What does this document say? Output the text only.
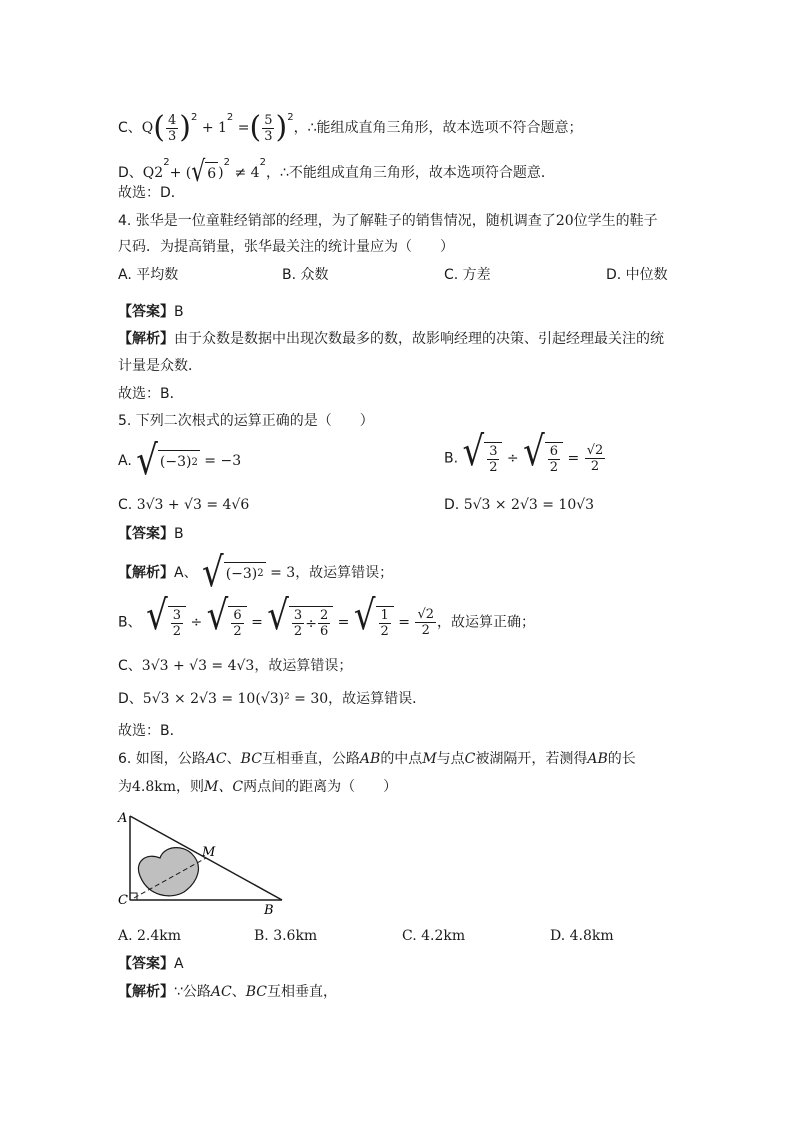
C、$Q( \frac{4}{3} )^2 + 1^2$ =( $\frac{5}{3} )^2$，∴能组成直角三角形，故本选项不符合题意；
D、$Q2^2+$ ( √ 6 )$^2 \ne 4^2$，∴不能组成直角三角形，故本选项符合题意．
故选：D．
4. 张华是一位童鞋经销部的经理，为了解鞋子的销售情况，随机调查了20位学生的鞋子
尺码．为提高销量，张华最关注的统计量应为（　　）
A. 平均数	B. 众数	C. 方差	D. 中位数
【答案】B
【解析】由于众数是数据中出现次数最多的数，故影响经理的决策、引起经理最关注的统
计量是众数．
故选：B．
5. 下列二次根式的运算正确的是（　　）
A. √ (−3) 2 = −3	B. √ $\frac{3}{2}$ ÷ √ $\frac{6}{2} = \frac{√2}{2}$
C. 3√3 + √3 = 4√6	D. 5√3 × 2√3 = 10√3
【答案】B
【解析】A、 √ (−3) 2 = 3，故运算错误；
B、 √ $\frac{3}{2}$ ÷ √ $\frac{6}{2}$ = √ $\frac{3}{2} \div \frac{2}{6}$ = √ $\frac{1}{2} = \frac{√2}{2}$ ，故运算正确；
C、3√3 + √3 = 4√3，故运算错误；
D、5√3 × 2√3 = 10(√3)² = 30，故运算错误．
故选：B．
6. 如图，公路AC、BC互相垂直，公路AB的中点M与点C被湖隔开，若测得AB的长
为4.8km，则M、C两点间的距离为（　　）
A
M
C
B
A. 2.4km	B. 3.6km	C. 4.2km	D. 4.8km
【答案】A
【解析】∵公路AC、BC互相垂直，
